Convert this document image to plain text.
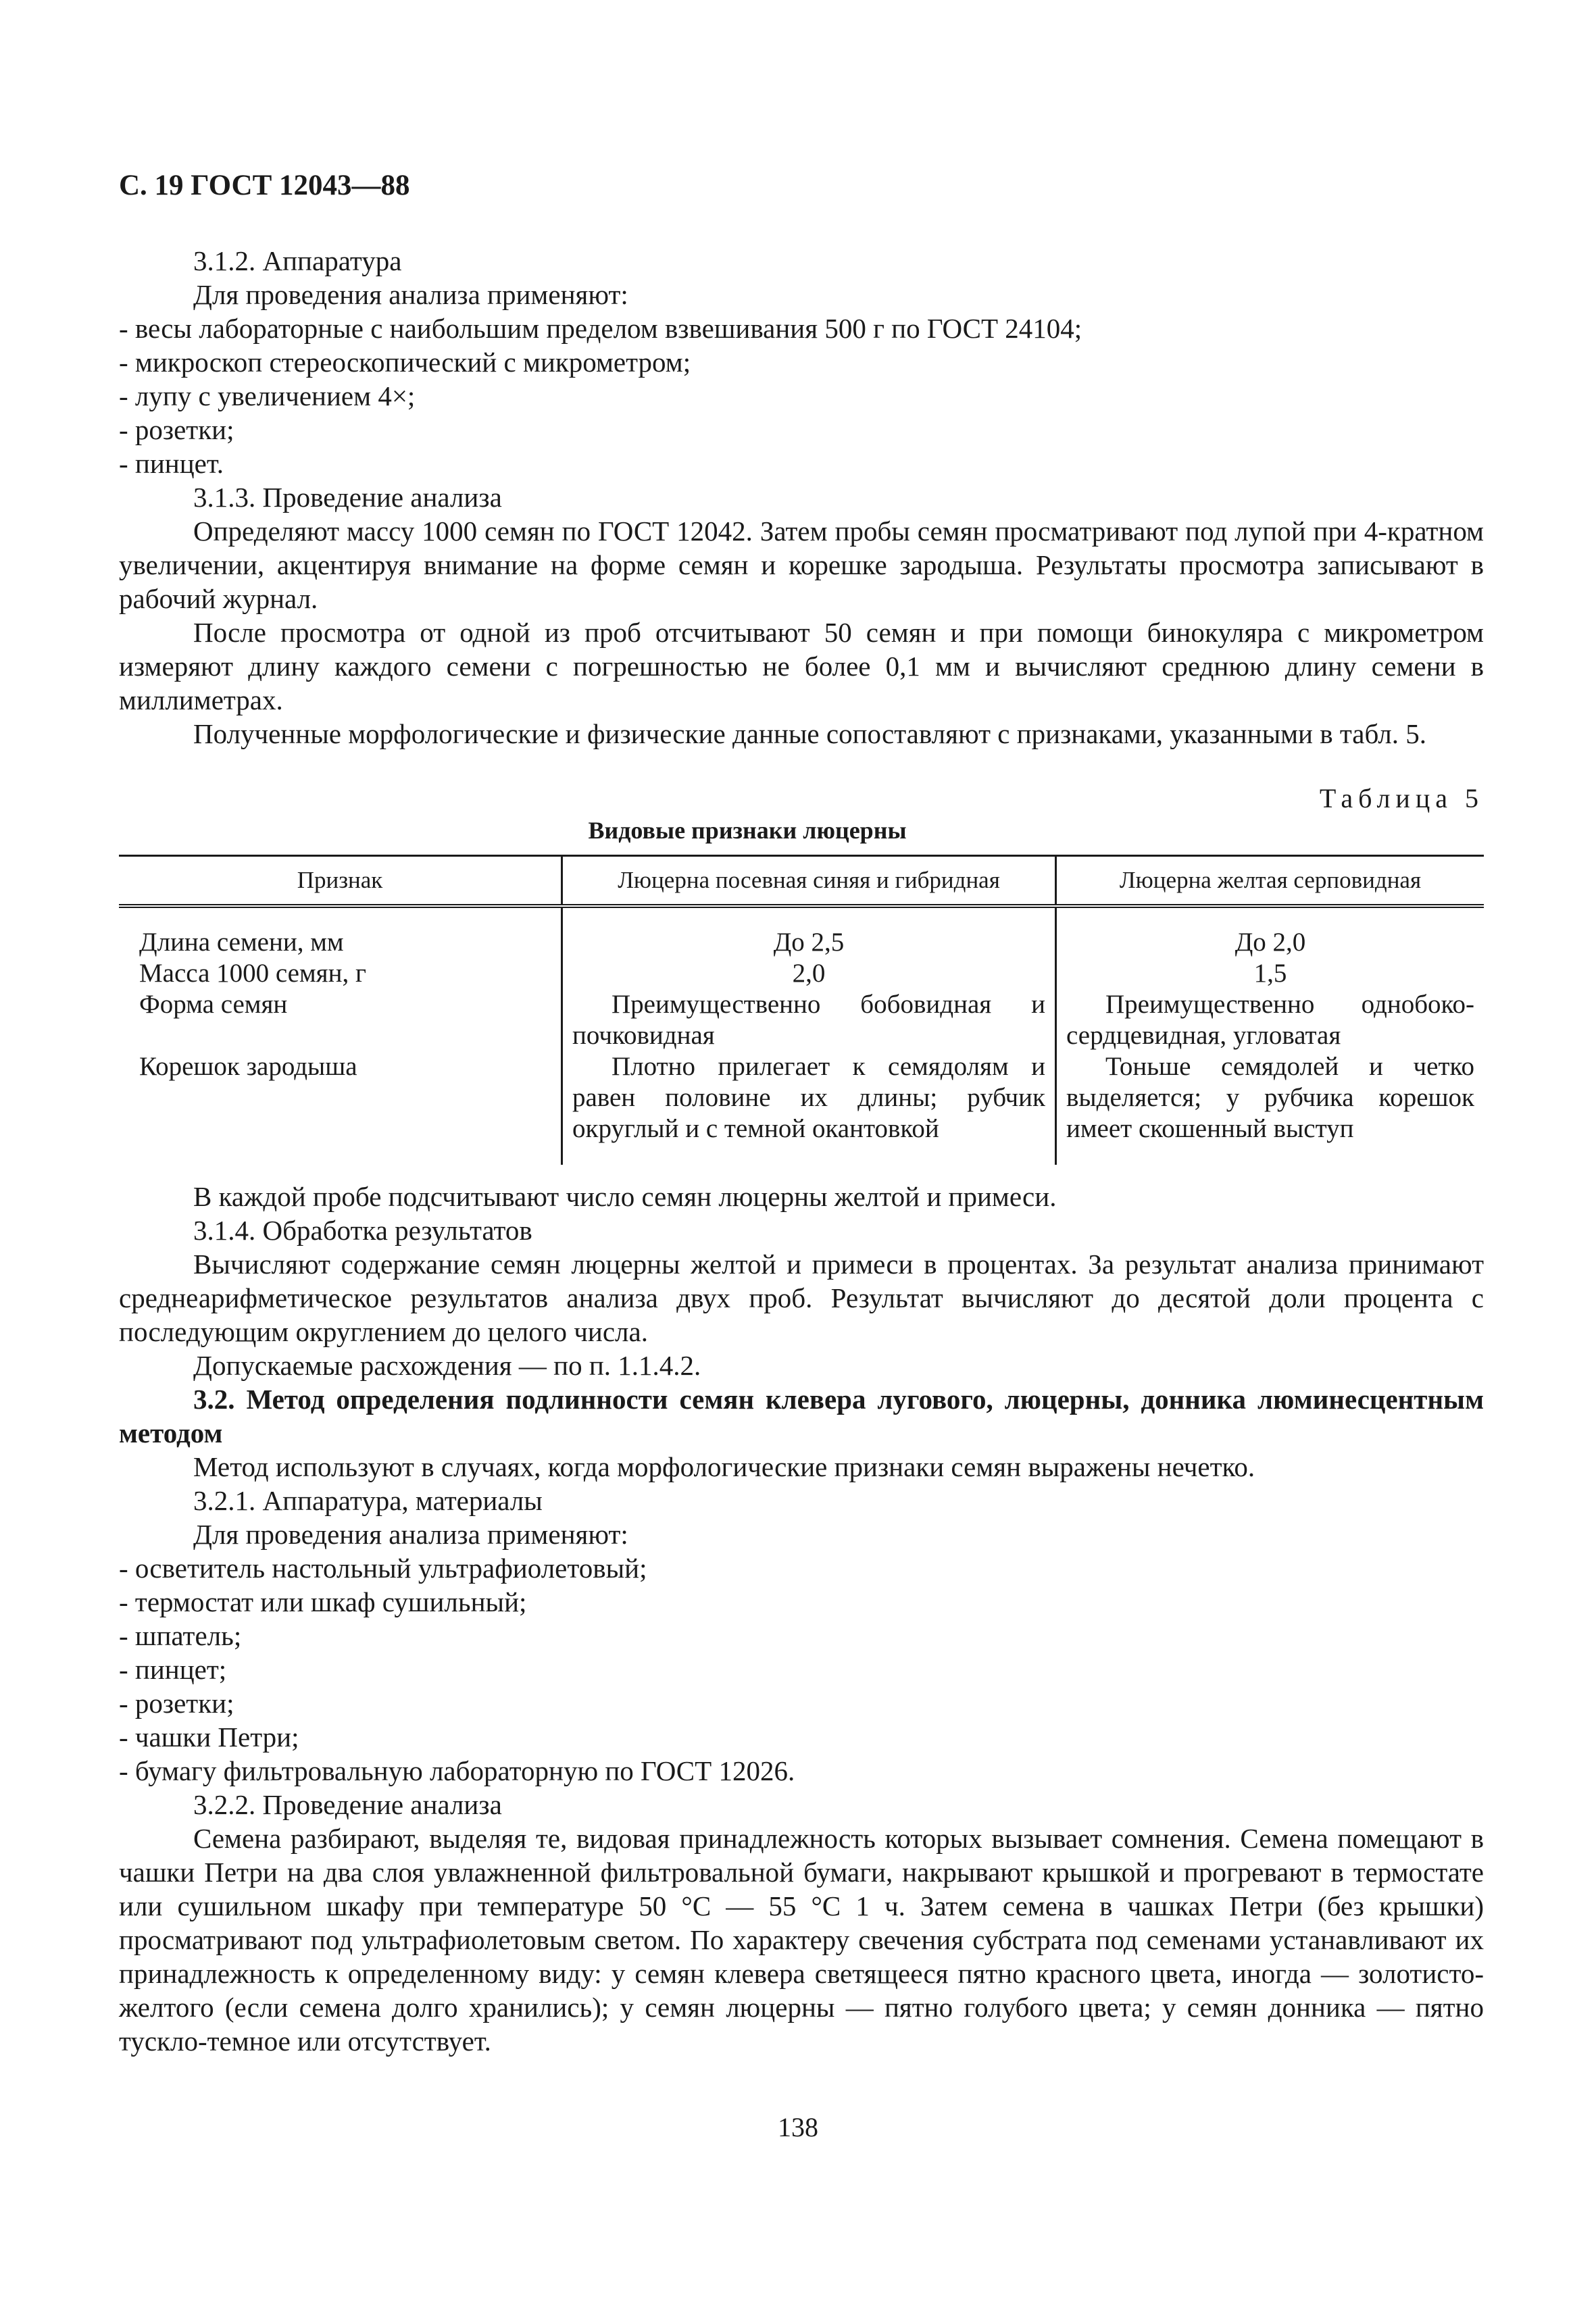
С. 19 ГОСТ 12043—88

3.1.2. Аппаратура

Для проведения анализа применяют:

- весы лабораторные с наибольшим пределом взвешивания 500 г по ГОСТ 24104;

- микроскоп стереоскопический с микрометром;

- лупу с увеличением 4×;

- розетки;

- пинцет.

3.1.3. Проведение анализа

Определяют массу 1000 семян по ГОСТ 12042. Затем пробы семян просматривают под лупой при 4-кратном увеличении, акцентируя внимание на форме семян и корешке зародыша. Результаты просмотра записывают в рабочий журнал.

После просмотра от одной из проб отсчитывают 50 семян и при помощи бинокуляра с микрометром измеряют длину каждого семени с погрешностью не более 0,1 мм и вычисляют среднюю длину семени в миллиметрах.

Полученные морфологические и физические данные сопоставляют с признаками, указанными в табл. 5.

Таблица 5
Видовые признаки люцерны
Признак	Люцерна посевная синяя и гибридная	Люцерна желтая серповидная
Длина семени, мм	До 2,5	До 2,0
Масса 1000 семян, г	2,0	1,5
Форма семян	Преимущественно бобовидная и почковидная	Преимущественно однобоко-сердцевидная, угловатая

Корешок зародыша	Плотно прилегает к семядолям и равен половине их длины; рубчик округлый и с темной окантовкой	Тоньше семядолей и четко выделяется; у рубчика корешок имеет скошенный выступ

В каждой пробе подсчитывают число семян люцерны желтой и примеси.

3.1.4. Обработка результатов

Вычисляют содержание семян люцерны желтой и примеси в процентах. За результат анализа принимают среднеарифметическое результатов анализа двух проб. Результат вычисляют до десятой доли процента с последующим округлением до целого числа.

Допускаемые расхождения — по п. 1.1.4.2.

3.2. Метод определения подлинности семян клевера лугового, люцерны, донника люминесцентным методом

Метод используют в случаях, когда морфологические признаки семян выражены нечетко.

3.2.1. Аппаратура, материалы

Для проведения анализа применяют:

- осветитель настольный ультрафиолетовый;

- термостат или шкаф сушильный;

- шпатель;

- пинцет;

- розетки;

- чашки Петри;

- бумагу фильтровальную лабораторную по ГОСТ 12026.

3.2.2. Проведение анализа

Семена разбирают, выделяя те, видовая принадлежность которых вызывает сомнения. Семена помещают в чашки Петри на два слоя увлажненной фильтровальной бумаги, накрывают крышкой и прогревают в термостате или сушильном шкафу при температуре 50 °С — 55 °С 1 ч. Затем семена в чашках Петри (без крышки) просматривают под ультрафиолетовым светом. По характеру свечения субстрата под семенами устанавливают их принадлежность к определенному виду: у семян клевера светящееся пятно красного цвета, иногда — золотисто-желтого (если семена долго хранились); у семян люцерны — пятно голубого цвета; у семян донника — пятно тускло-темное или отсутствует.

138
